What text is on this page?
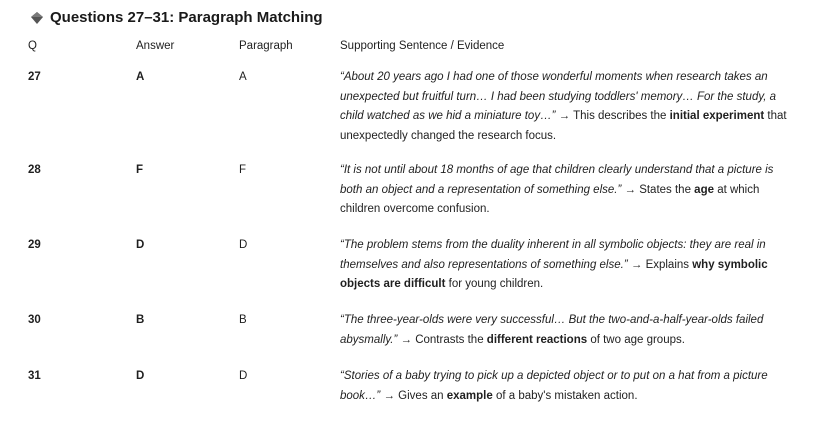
Questions 27–31: Paragraph Matching
Q	Answer	Paragraph	Supporting Sentence / Evidence
27	A	A	“About 20 years ago I had one of those wonderful moments when research takes an unexpected but fruitful turn… I had been studying toddlers' memory… For the study, a child watched as we hid a miniature toy…” → This describes the initial experiment that unexpectedly changed the research focus.
28	F	F	“It is not until about 18 months of age that children clearly understand that a picture is both an object and a representation of something else.” → States the age at which children overcome confusion.
29	D	D	“The problem stems from the duality inherent in all symbolic objects: they are real in themselves and also representations of something else.” → Explains why symbolic objects are difficult for young children.
30	B	B	“The three-year-olds were very successful… But the two-and-a-half-year-olds failed abysmally.” → Contrasts the different reactions of two age groups.
31	D	D	“Stories of a baby trying to pick up a depicted object or to put on a hat from a picture book…” → Gives an example of a baby's mistaken action.
